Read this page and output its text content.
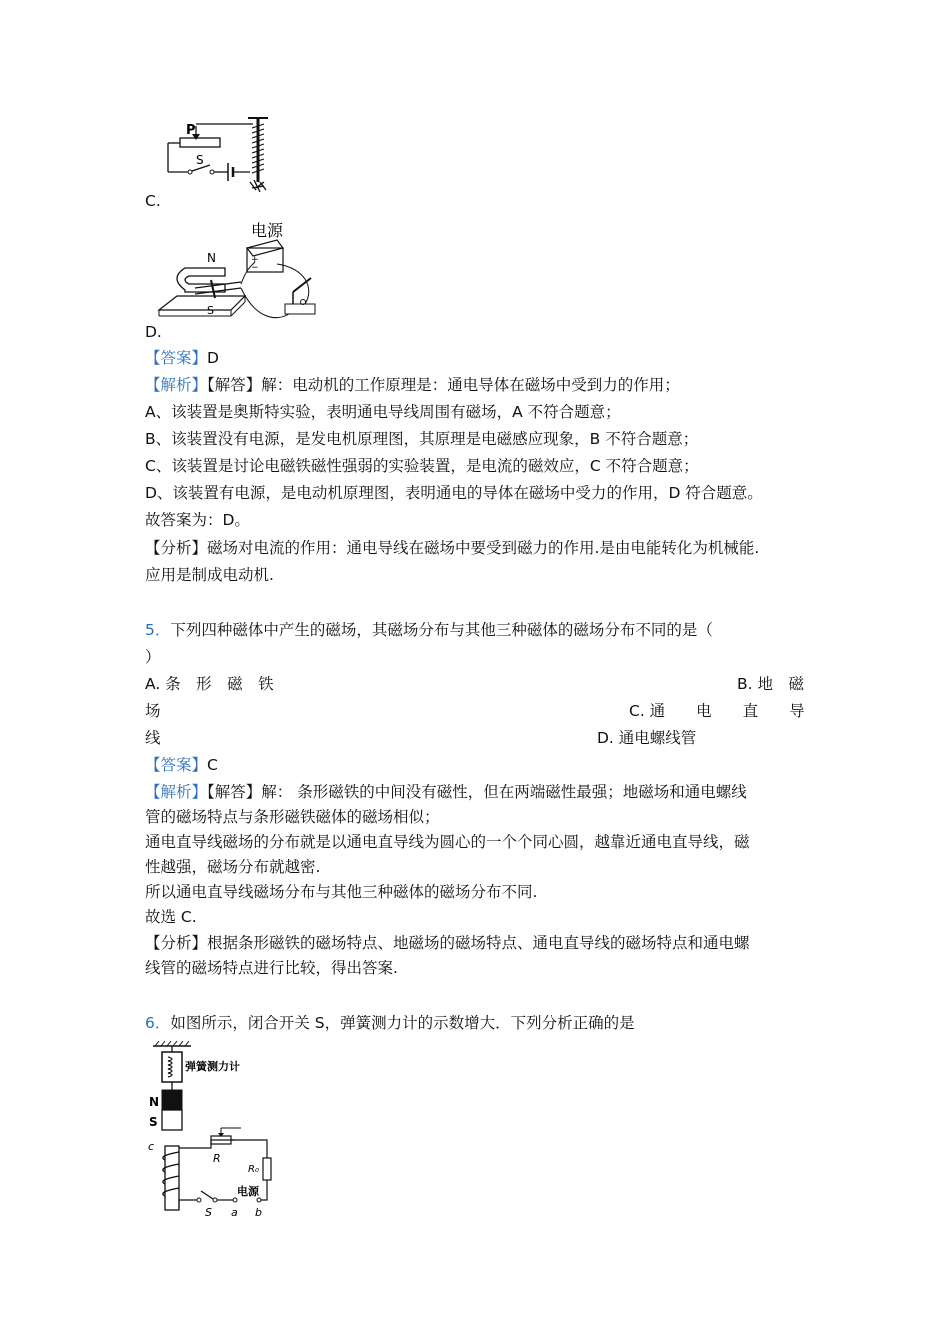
P
S
C.
电源
+
−
N
S
D.
【答案】D
【解析】【解答】解：电动机的工作原理是：通电导体在磁场中受到力的作用；
A、该装置是奥斯特实验，表明通电导线周围有磁场，A 不符合题意；
B、该装置没有电源，是发电机原理图，其原理是电磁感应现象，B 不符合题意；
C、该装置是讨论电磁铁磁性强弱的实验装置，是电流的磁效应，C 不符合题意；
D、该装置有电源，是电动机原理图，表明通电的导体在磁场中受力的作用，D 符合题意。
故答案为：D。
【分析】磁场对电流的作用：通电导线在磁场中要受到磁力的作用.是由电能转化为机械能.
应用是制成电动机.
5．下列四种磁体中产生的磁场，其磁场分布与其他三种磁体的磁场分布不同的是（
）
A. 条　形　磁　铁	B. 地　磁
场	C. 通　　电　　直　　导
线	D. 通电螺线管
【答案】C
【解析】【解答】解： 条形磁铁的中间没有磁性，但在两端磁性最强；地磁场和通电螺线
管的磁场特点与条形磁铁磁体的磁场相似；
通电直导线磁场的分布就是以通电直导线为圆心的一个个同心圆，越靠近通电直导线，磁
性越强，磁场分布就越密.
所以通电直导线磁场分布与其他三种磁体的磁场分布不同.
故选 C.
【分析】根据条形磁铁的磁场特点、地磁场的磁场特点、通电直导线的磁场特点和通电螺
线管的磁场特点进行比较，得出答案.
6．如图所示，闭合开关 S，弹簧测力计的示数增大．下列分析正确的是
弹簧测力计
N
S
c
R
R₀
电源
S a b
